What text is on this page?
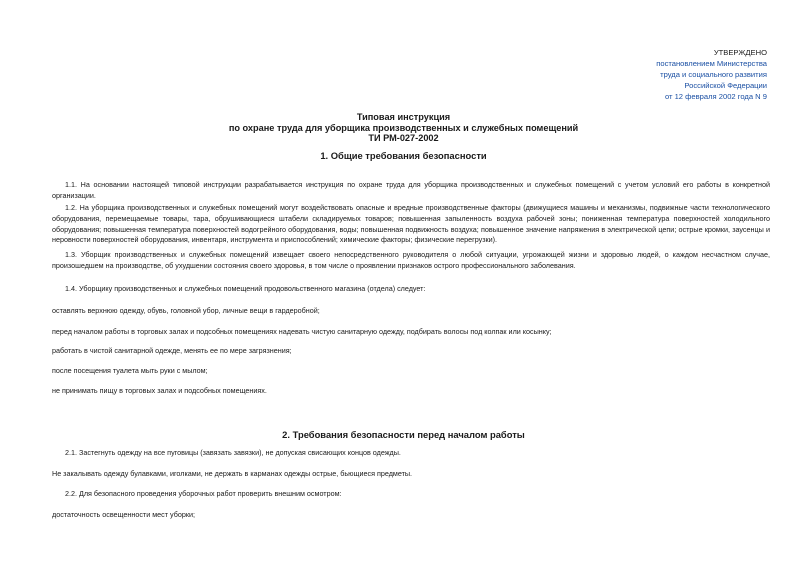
УТВЕРЖДЕНО
постановлением Министерства
труда и социального развития
Российской Федерации
от 12 февраля 2002 года N 9
Типовая инструкция
по охране труда для уборщика производственных и служебных помещений
ТИ РМ-027-2002
1. Общие требования безопасности

1.1. На основании настоящей типовой инструкции разрабатывается инструкция по охране труда для уборщика производственных и служебных помещений с учетом условий его работы в конкретной организации.

1.2. На уборщика производственных и служебных помещений могут воздействовать опасные и вредные производственные факторы (движущиеся машины и механизмы, подвижные части технологического оборудования, перемещаемые товары, тара, обрушивающиеся штабели складируемых товаров; повышенная запыленность воздуха рабочей зоны; пониженная температура поверхностей холодильного оборудования; повышенная температура поверхностей водогрейного оборудования, воды; повышенная подвижность воздуха; повышенное значение напряжения в электрической цепи; острые кромки, заусенцы и неровности поверхностей оборудования, инвентаря, инструмента и приспособлений; химические факторы; физические перегрузки).

1.3. Уборщик производственных и служебных помещений извещает своего непосредственного руководителя о любой ситуации, угрожающей жизни и здоровью людей, о каждом несчастном случае, произошедшем на производстве, об ухудшении состояния своего здоровья, в том числе о проявлении признаков острого профессионального заболевания.

1.4. Уборщику производственных и служебных помещений продовольственного магазина (отдела) следует:

оставлять верхнюю одежду, обувь, головной убор, личные вещи в гардеробной;

перед началом работы в торговых залах и подсобных помещениях надевать чистую санитарную одежду, подбирать волосы под колпак или косынку;

работать в чистой санитарной одежде, менять ее по мере загрязнения;

после посещения туалета мыть руки с мылом;

не принимать пищу в торговых залах и подсобных помещениях.

2. Требования безопасности перед началом работы

2.1. Застегнуть одежду на все пуговицы (завязать завязки), не допуская свисающих концов одежды.

Не закалывать одежду булавками, иголками, не держать в карманах одежды острые, бьющиеся предметы.

2.2. Для безопасного проведения уборочных работ проверить внешним осмотром:

достаточность освещенности мест уборки;
